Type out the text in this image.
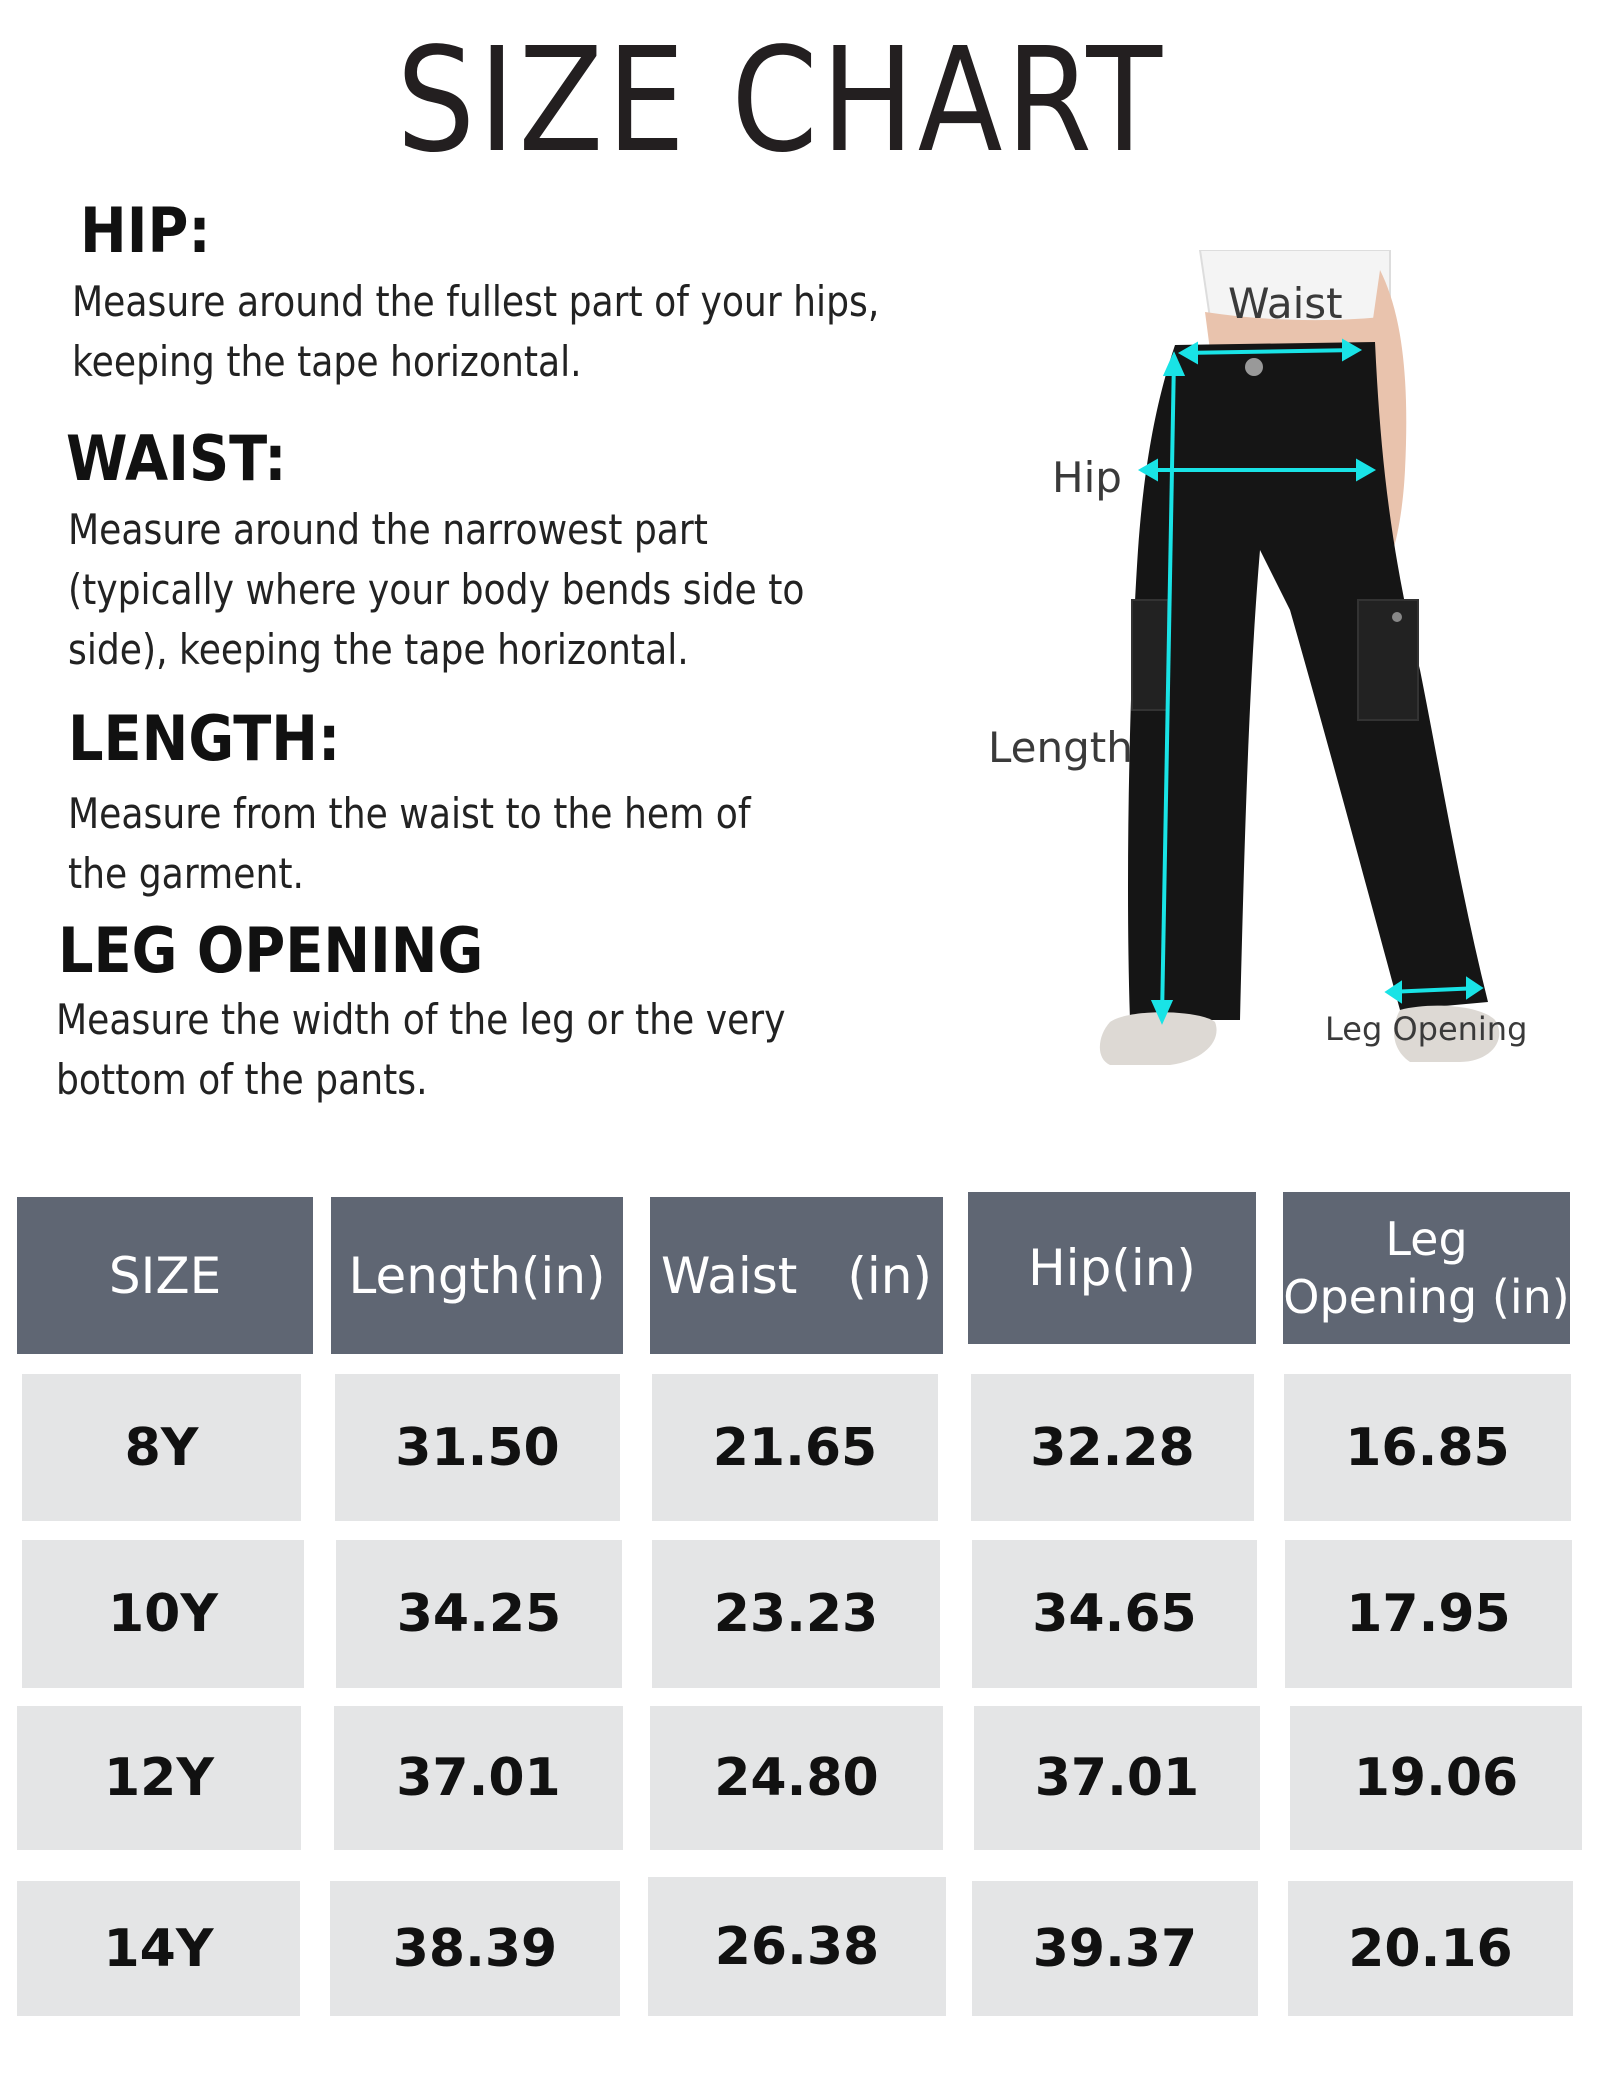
SIZE CHART
HIP:
Measure around the fullest part of your hips, keeping the tape horizontal.
WAIST:
Measure around the narrowest part (typically where your body bends side to side), keeping the tape horizontal.
LENGTH:
Measure from the waist to the hem of the garment.
LEG OPENING
Measure the width of the leg or the very bottom of the pants.
Waist
Hip
Length
Leg Opening
SIZE	Length(in)	Waist　(in)	Hip(in)	Leg Opening (in)
8Y	31.50	21.65	32.28	16.85
10Y	34.25	23.23	34.65	17.95
12Y	37.01	24.80	37.01	19.06
14Y	38.39	26.38	39.37	20.16
